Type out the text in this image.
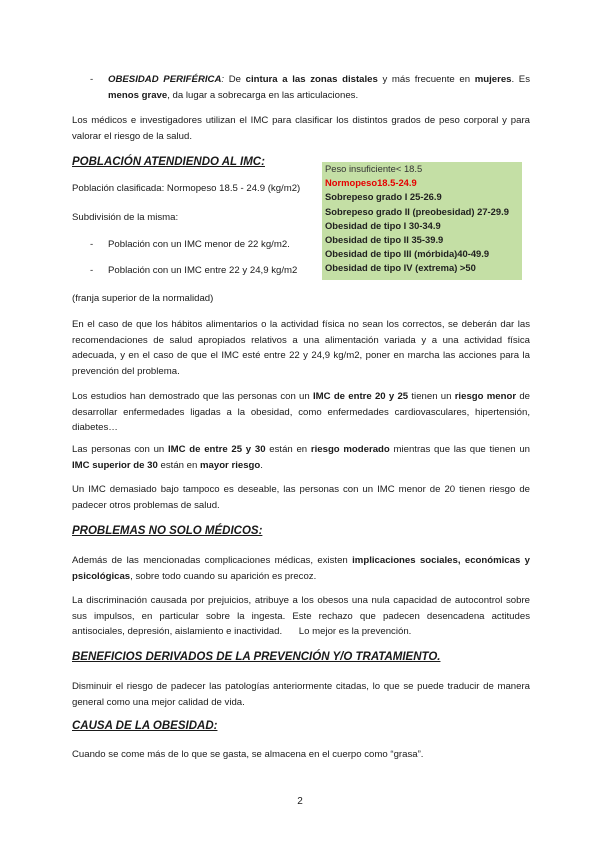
- OBESIDAD PERIFÉRICA: De cintura a las zonas distales y más frecuente en mujeres. Es menos grave, da lugar a sobrecarga en las articulaciones.

Los médicos e investigadores utilizan el IMC para clasificar los distintos grados de peso corporal y para valorar el riesgo de la salud.

POBLACIÓN ATENDIENDO AL IMC:

Población clasificada: Normopeso 18.5 - 24.9 (kg/m2)

Subdivisión de la misma:

- Población con un IMC menor de 22 kg/m2.

- Población con un IMC entre 22 y 24,9 kg/m2

(franja superior de la normalidad)

Peso insuficiente< 18.5
Normopeso18.5-24.9
Sobrepeso grado I 25-26.9
Sobrepeso grado II (preobesidad) 27-29.9
Obesidad de tipo I 30-34.9
Obesidad de tipo II 35-39.9
Obesidad de tipo III (mórbida)40-49.9
Obesidad de tipo IV (extrema) >50

En el caso de que los hábitos alimentarios o la actividad física no sean los correctos, se deberán dar las recomendaciones de salud apropiados relativos a una alimentación variada y a una actividad física adecuada, y en el caso de que el IMC esté entre 22 y 24,9 kg/m2, poner en marcha las acciones para la prevención del problema.

Los estudios han demostrado que las personas con un IMC de entre 20 y 25 tienen un riesgo menor de desarrollar enfermedades ligadas a la obesidad, como enfermedades cardiovasculares, hipertensión, diabetes…

Las personas con un IMC de entre 25 y 30 están en riesgo moderado mientras que las que tienen un IMC superior de 30 están en mayor riesgo.

Un IMC demasiado bajo tampoco es deseable, las personas con un IMC menor de 20 tienen riesgo de padecer otros problemas de salud.

PROBLEMAS NO SOLO MÉDICOS:

Además de las mencionadas complicaciones médicas, existen implicaciones sociales, económicas y psicológicas, sobre todo cuando su aparición es precoz.

La discriminación causada por prejuicios, atribuye a los obesos una nula capacidad de autocontrol sobre sus impulsos, en particular sobre la ingesta. Este rechazo que padecen desencadena actitudes antisociales, depresión, aislamiento e inactividad. Lo mejor es la prevención.

BENEFICIOS DERIVADOS DE LA PREVENCIÓN Y/O TRATAMIENTO.

Disminuir el riesgo de padecer las patologías anteriormente citadas, lo que se puede traducir de manera general como una mejor calidad de vida.

CAUSA DE LA OBESIDAD:

Cuando se come más de lo que se gasta, se almacena en el cuerpo como “grasa”.

2
